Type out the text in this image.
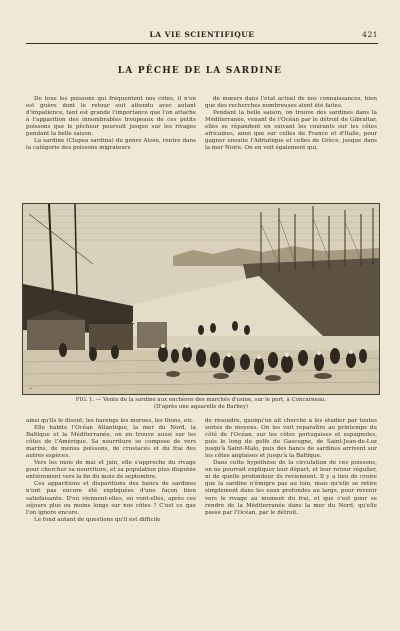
LA VIE SCIENTIFIQUE	421
LA PÊCHE DE LA SARDINE

De tous les poissons qui fréquentent nos côtes, il n'en est guère dont le retour soit attendu avec autant d'impatience, tant est grande l'importance que l'on attache à l'apparition des innombrables troupeaux de ces petits poissons que le pêcheur poursuit jusque sur les rivages pendant la belle saison.

La sardine (Clupea sardina) du genre Alose, rentre dans la catégorie des poissons migrateurs

de mœurs dans l'état actuel de nos connaissances, bien que des recherches nombreuses aient été faites.

Pendant la belle saison, on trouve des sardines dans la Méditerranée, venant de l'Océan par le détroit de Gibraltar, elles se répandent en suivant les courants sur les côtes africaines, ainsi que sur celles de France et d'Italie, pour gagner ensuite l'Adriatique et celles de Grèce, jusque dans la mer Noire. On en voit également qui,

~
FIG. 1. — Vente de la sardine aux enchères des marchés d'usine, sur le port, à Concarneau.
(D'après une aquarelle de Barbey)

ainsi qu'ils le disent, les harengs les morues, les thons, etc.

Elle habite l'Océan Atlantique, la mer du Nord, la Baltique et la Méditerranée, on en trouve aussi sur les côtes de l'Amérique. Sa nourriture se compose de vers marins, de menus poissons, de crustacés et du frai des autres espèces.

Vers les mois de mai et juin, elle s'approche du rivage pour chercher sa nourriture, et sa population plus disputée entièrement vers la fin du mois de septembre.

Ces apparitions et disparitions des bancs de sardines n'ont pas encore été expliquées d'une façon bien satisfaisante. D'où viennent-elles, où vont-elles, après ces séjours plus ou moins longs sur nos côtes ? C'est ce que l'on ignore encore.

Le fond autant de questions qu'il est difficile

de résoudre, quoiqu'on ait cherché à les étudier par toutes sortes de moyens. On les voit reparaître au printemps du côté de l'Océan, sur les côtes portugaises et espagnoles, puis le long du golfe de Gascogne, de Saint-Jean-de-Luz jusqu'à Saint-Malo, puis des bancs de sardines arrivent sur les côtes anglaises et jusqu'à la Baltique.

Dans cette hypothèse de la circulation de ces poissons, on ne pourrait expliquer leur départ, et leur retour régulier, ni de quelle profondeur ils reviennent. Il y a lieu de croire que la sardine n'émigre pas au loin, mais qu'elle se retire simplement dans les eaux profondes au large, pour revenir vers le rivage au moment du frai, et que c'est pour se rendre de la Méditerranée dans la mer du Nord, qu'elle passe par l'Océan, par le détroit.
